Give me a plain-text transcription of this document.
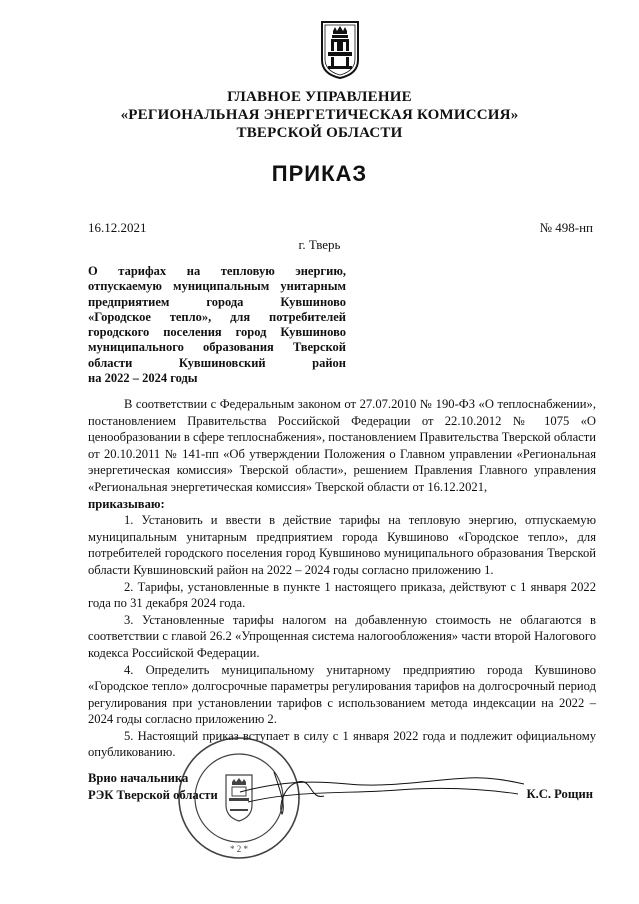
ГЛАВНОЕ УПРАВЛЕНИЕ
«РЕГИОНАЛЬНАЯ ЭНЕРГЕТИЧЕСКАЯ КОМИССИЯ»
ТВЕРСКОЙ ОБЛАСТИ
ПРИКАЗ
16.12.2021	№ 498-нп
г. Тверь
О тарифах на тепловую энергию,
отпускаемую муниципальным унитарным
предприятием города Кувшиново
«Городское тепло», для потребителей
городского поселения город Кувшиново
муниципального образования Тверской
области Кувшиновский район
на 2022 – 2024 годы

В соответствии с Федеральным законом от 27.07.2010 № 190-ФЗ «О теплоснабжении», постановлением Правительства Российской Федерации от 22.10.2012 № 1075 «О ценообразовании в сфере теплоснабжения», постановлением Правительства Тверской области от 20.10.2011 № 141-пп «Об утверждении Положения о Главном управлении «Региональная энергетическая комиссия» Тверской области», решением Правления Главного управления «Региональная энергетическая комиссия» Тверской области от 16.12.2021,

приказываю:

1. Установить и ввести в действие тарифы на тепловую энергию, отпускаемую муниципальным унитарным предприятием города Кувшиново «Городское тепло», для потребителей городского поселения город Кувшиново муниципального образования Тверской области Кувшиновский район на 2022 – 2024 годы согласно приложению 1.

2. Тарифы, установленные в пункте 1 настоящего приказа, действуют с 1 января 2022 года по 31 декабря 2024 года.

3. Установленные тарифы налогом на добавленную стоимость не облагаются в соответствии с главой 26.2 «Упрощенная система налогообложения» части второй Налогового кодекса Российской Федерации.

4. Определить муниципальному унитарному предприятию города Кувшиново «Городское тепло» долгосрочные параметры регулирования тарифов на долгосрочный период регулирования при установлении тарифов с использованием метода индексации на 2022 – 2024 годы согласно приложению 2.

5. Настоящий приказ вступает в силу с 1 января 2022 года и подлежит официальному опубликованию.

* 2 *
Врио начальника
РЭК Тверской области	К.С. Рощин
